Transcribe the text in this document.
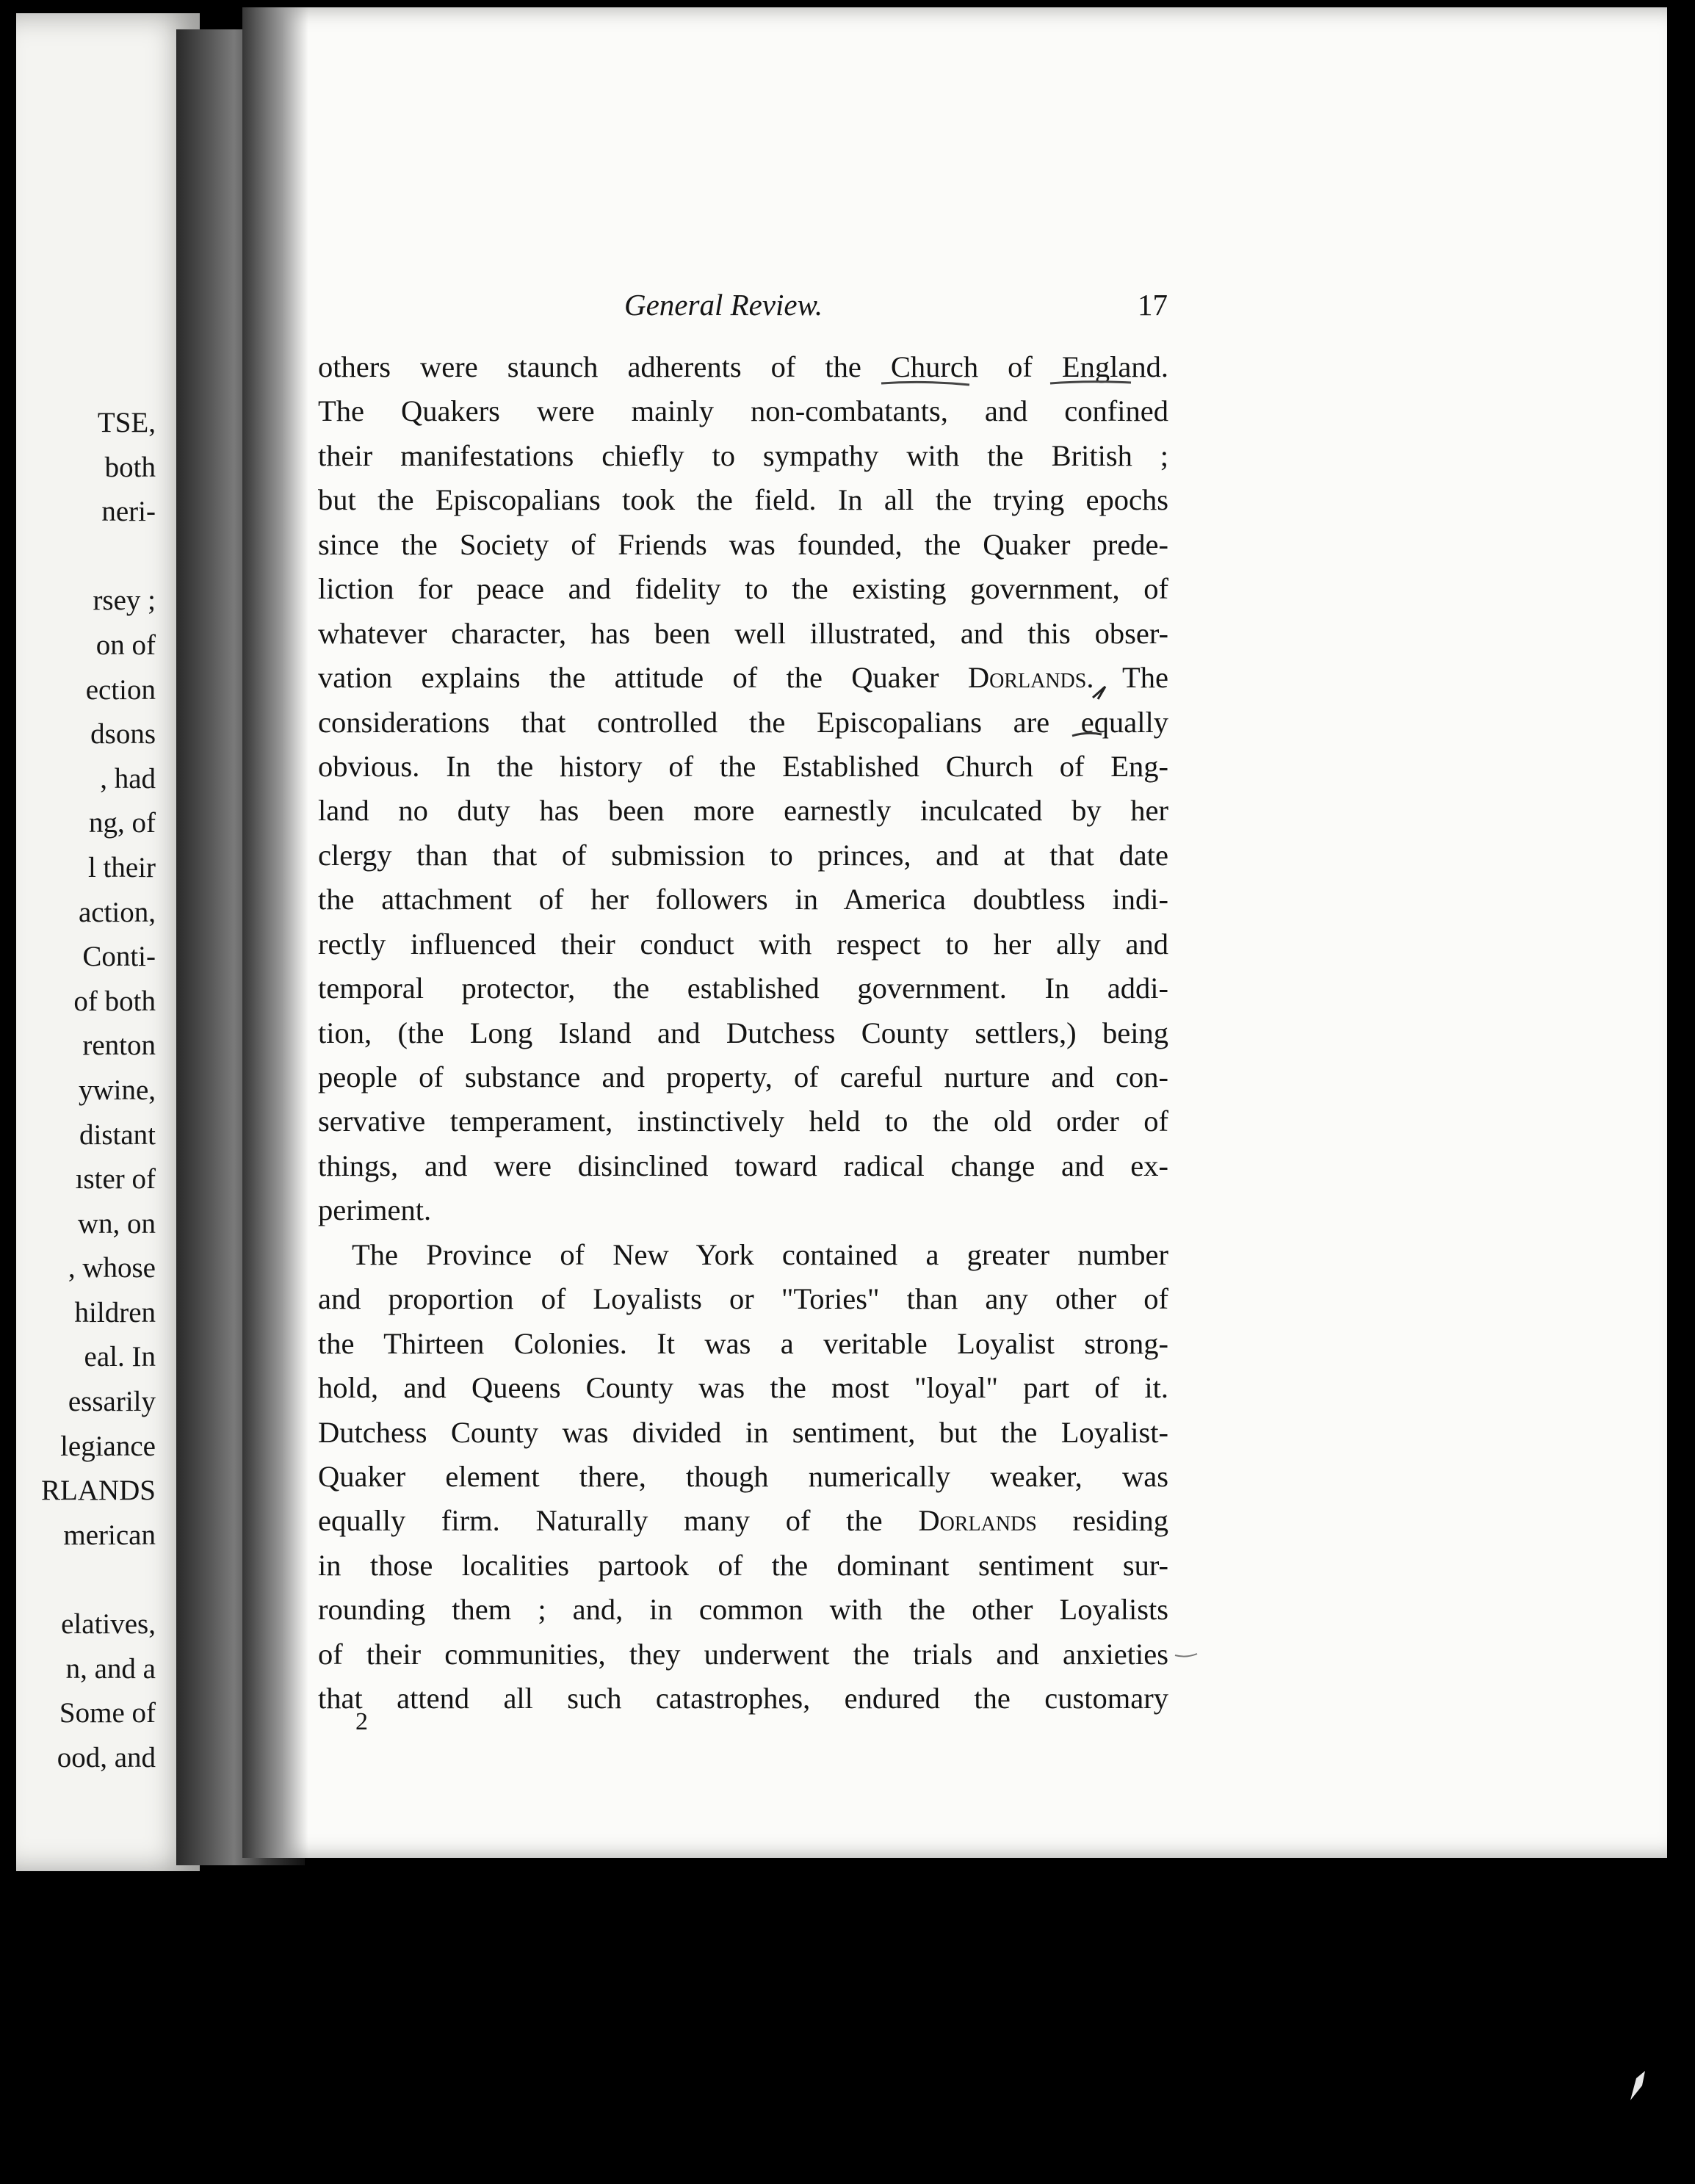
TSE,
both
neri-
rsey ;
on of
ection
dsons
, had
ng, of
l their
action,
Conti-
of both
renton
ywine,
distant
ıster of
wn, on
, whose
hildren
eal. In
essarily
legiance
RLANDS
merican
elatives,
n, and a
Some of
ood, and
General Review.	17
others were staunch adherents of the Church of England.
The Quakers were mainly non-combatants, and confined
their manifestations chiefly to sympathy with the British ;
but the Episcopalians took the field. In all the trying epochs
since the Society of Friends was founded, the Quaker prede-
liction for peace and fidelity to the existing government, of
whatever character, has been well illustrated, and this obser-
vation explains the attitude of the Quaker Dorlands. The
considerations that controlled the Episcopalians are equally
obvious. In the history of the Established Church of Eng-
land no duty has been more earnestly inculcated by her
clergy than that of submission to princes, and at that date
the attachment of her followers in America doubtless indi-
rectly influenced their conduct with respect to her ally and
temporal protector, the established government. In addi-
tion, (the Long Island and Dutchess County settlers,) being
people of substance and property, of careful nurture and con-
servative temperament, instinctively held to the old order of
things, and were disinclined toward radical change and ex-
periment.
The Province of New York contained a greater number
and proportion of Loyalists or "Tories" than any other of
the Thirteen Colonies. It was a veritable Loyalist strong-
hold, and Queens County was the most "loyal" part of it.
Dutchess County was divided in sentiment, but the Loyalist-
Quaker element there, though numerically weaker, was
equally firm. Naturally many of the Dorlands residing
in those localities partook of the dominant sentiment sur-
rounding them ; and, in common with the other Loyalists
of their communities, they underwent the trials and anxieties
that attend all such catastrophes, endured the customary
2
